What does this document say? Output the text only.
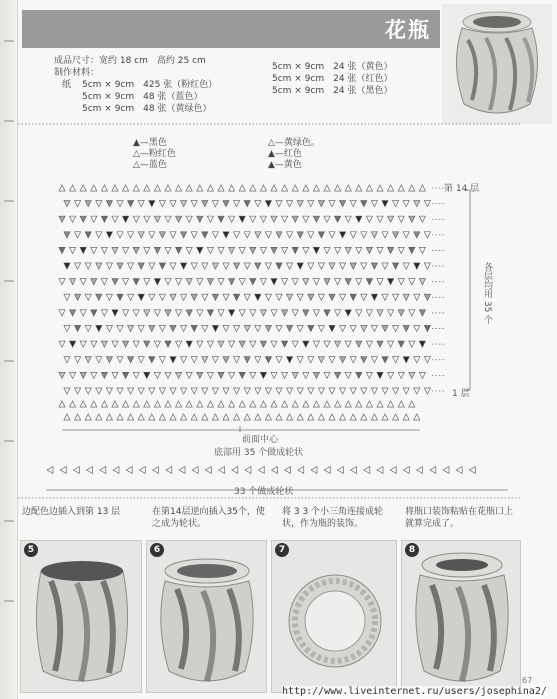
花瓶
成品尺寸：宽约 18 cm　高约 25 cm
制作材料：
纸 5cm × 9cm　425 张（粉红色）
5cm × 9cm　48 张（蓝色）
5cm × 9cm　48 张（黄绿色）
5cm × 9cm　24 张（黄色）
5cm × 9cm　24 张（红色）
5cm × 9cm　24 张（黑色）
▲—黑色
△—粉红色
△—蓝色
△—黄绿色。
▲—红色
▲—黄色
第 14 层
各层均用 35 个
1 层
前面中心
底部用 35 个做成轮状
33 个做成轮状
边配色边插入到第 13 层	在第14层逆向插入35个，使之成为轮状。
将 3 3 个小三角连接成轮状，作为瓶的装饰。
将瓶口装饰粘贴在花瓶口上就算完成了。
5	6	7	8
67
http://www.liveinternet.ru/users/josephina2/
